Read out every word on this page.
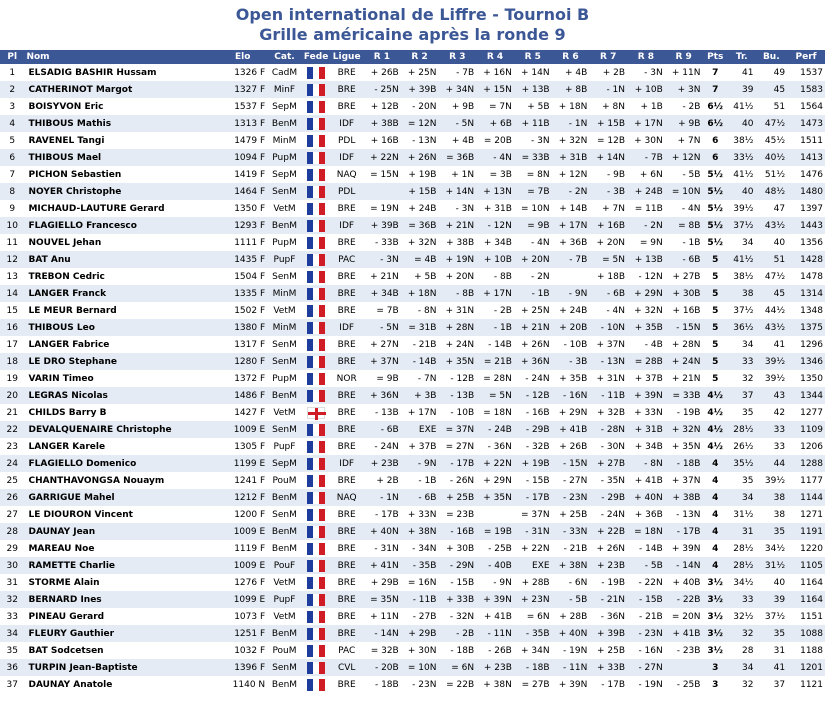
Open international de Liffre - Tournoi B

Grille américaine après la ronde 9

Pl	Nom	Elo	Cat.	Fede	Ligue	R 1	R 2	R 3	R 4	R 5	R 6	R 7	R 8	R 9	Pts	Tr.	Bu.	Perf
1	ELSADIG BASHIR Hussam	1326 F	CadM		BRE	+ 26B	+ 25N	- 7B	+ 16N	+ 14N	+ 4B	+ 2B	- 3N	+ 11N	7	41	49	1537
2	CATHERINOT Margot	1327 F	MinF		BRE	- 25N	+ 39B	+ 34N	+ 15N	+ 13B	+ 8B	- 1N	+ 10B	+ 3N	7	39	45	1583
3	BOISYVON Eric	1537 F	SepM		BRE	+ 12B	- 20N	+ 9B	= 7N	+ 5B	+ 18N	+ 8N	+ 1B	- 2B	6½	41½	51	1564
4	THIBOUS Mathis	1313 F	BenM		IDF	+ 38B	= 12N	- 5N	+ 6B	+ 11B	- 1N	+ 15B	+ 17N	+ 9B	6½	40	47½	1473
5	RAVENEL Tangi	1479 F	MinM		PDL	+ 16B	- 13N	+ 4B	= 20B	- 3N	+ 32N	= 12B	+ 30N	+ 7N	6	38½	45½	1511
6	THIBOUS Mael	1094 F	PupM		IDF	+ 22N	+ 26N	= 36B	- 4N	= 33B	+ 31B	+ 14N	- 7B	+ 12N	6	33½	40½	1413
7	PICHON Sebastien	1419 F	SepM		NAQ	= 15N	+ 19B	+ 1N	= 3B	= 8N	+ 12N	- 9B	+ 6N	- 5B	5½	41½	51½	1476
8	NOYER Christophe	1464 F	SenM		PDL		+ 15B	+ 14N	+ 13N	= 7B	- 2N	- 3B	+ 24B	= 10N	5½	40	48½	1480
9	MICHAUD-LAUTURE Gerard	1350 F	VetM		BRE	= 19N	+ 24B	- 3N	+ 31B	= 10N	+ 14B	+ 7N	= 11B	- 4N	5½	39½	47	1397
10	FLAGIELLO Francesco	1293 F	BenM		IDF	+ 39B	= 36B	+ 21N	- 12N	= 9B	+ 17N	+ 16B	- 2N	= 8B	5½	37½	43½	1443
11	NOUVEL Jehan	1111 F	PupM		BRE	- 33B	+ 32N	+ 38B	+ 34B	- 4N	+ 36B	+ 20N	= 9N	- 1B	5½	34	40	1356
12	BAT Anu	1435 F	PupF		PAC	- 3N	= 4B	+ 19N	+ 10B	+ 20N	- 7B	= 5N	+ 13B	- 6B	5	41½	51	1428
13	TREBON Cedric	1504 F	SenM		BRE	+ 21N	+ 5B	+ 20N	- 8B	- 2N		+ 18B	- 12N	+ 27B	5	38½	47½	1478
14	LANGER Franck	1335 F	MinM		BRE	+ 34B	+ 18N	- 8B	+ 17N	- 1B	- 9N	- 6B	+ 29N	+ 30B	5	38	45	1314
15	LE MEUR Bernard	1502 F	VetM		BRE	= 7B	- 8N	+ 31N	- 2B	+ 25N	+ 24B	- 4N	+ 32N	+ 16B	5	37½	44½	1348
16	THIBOUS Leo	1380 F	MinM		IDF	- 5N	= 31B	+ 28N	- 1B	+ 21N	+ 20B	- 10N	+ 35B	- 15N	5	36½	43½	1375
17	LANGER Fabrice	1317 F	SenM		BRE	+ 27N	- 21B	+ 24N	- 14B	+ 26N	- 10B	+ 37N	- 4B	+ 28N	5	34	41	1296
18	LE DRO Stephane	1280 F	SenM		BRE	+ 37N	- 14B	+ 35N	= 21B	+ 36N	- 3B	- 13N	= 28B	+ 24N	5	33	39½	1346
19	VARIN Timeo	1372 F	PupM		NOR	= 9B	- 7N	- 12B	= 28N	- 24N	+ 35B	+ 31N	+ 37B	+ 21N	5	32	39½	1350
20	LEGRAS Nicolas	1486 F	BenM		BRE	+ 36N	+ 3B	- 13B	= 5N	- 12B	- 16N	- 11B	+ 39N	= 33B	4½	37	43	1344
21	CHILDS Barry B	1427 F	VetM		BRE	- 13B	+ 17N	- 10B	= 18N	- 16B	+ 29N	+ 32B	+ 33N	- 19B	4½	35	42	1277
22	DEVALQUENAIRE Christophe	1009 E	SenM		BRE	- 6B	EXE	= 37N	- 24B	- 29B	+ 41B	- 28N	+ 31B	+ 32N	4½	28½	33	1109
23	LANGER Karele	1305 F	PupF		BRE	- 24N	+ 37B	= 27N	- 36N	- 32B	+ 26B	- 30N	+ 34B	+ 35N	4½	26½	33	1206
24	FLAGIELLO Domenico	1199 E	SepM		IDF	+ 23B	- 9N	- 17B	+ 22N	+ 19B	- 15N	+ 27B	- 8N	- 18B	4	35½	44	1288
25	CHANTHAVONGSA Nouaym	1241 F	PouM		BRE	+ 2B	- 1B	- 26N	+ 29N	- 15B	- 27N	- 35N	+ 41B	+ 37N	4	35	39½	1177
26	GARRIGUE Mahel	1212 F	BenM		NAQ	- 1N	- 6B	+ 25B	+ 35N	- 17B	- 23N	- 29B	+ 40N	+ 38B	4	34	38	1144
27	LE DIOURON Vincent	1200 F	SenM		BRE	- 17B	+ 33N	= 23B		= 37N	+ 25B	- 24N	+ 36B	- 13N	4	31½	38	1271
28	DAUNAY Jean	1009 E	BenM		BRE	+ 40N	+ 38N	- 16B	= 19B	- 31N	- 33N	+ 22B	= 18N	- 17B	4	31	35	1191
29	MAREAU Noe	1119 F	BenM		BRE	- 31N	- 34N	+ 30B	- 25B	+ 22N	- 21B	+ 26N	- 14B	+ 39N	4	28½	34½	1220
30	RAMETTE Charlie	1009 E	PouF		BRE	+ 41N	- 35B	- 29N	- 40B	EXE	+ 38N	+ 23B	- 5B	- 14N	4	28½	31½	1105
31	STORME Alain	1276 F	VetM		BRE	+ 29B	= 16N	- 15B	- 9N	+ 28B	- 6N	- 19B	- 22N	+ 40B	3½	34½	40	1164
32	BERNARD Ines	1099 E	PupF		BRE	= 35N	- 11B	+ 33B	+ 39N	+ 23N	- 5B	- 21N	- 15B	- 22B	3½	33	39	1164
33	PINEAU Gerard	1073 F	VetM		BRE	+ 11N	- 27B	- 32N	+ 41B	= 6N	+ 28B	- 36N	- 21B	= 20N	3½	32½	37½	1151
34	FLEURY Gauthier	1251 F	BenM		BRE	- 14N	+ 29B	- 2B	- 11N	- 35B	+ 40N	+ 39B	- 23N	+ 41B	3½	32	35	1088
35	BAT Sodcetsen	1032 F	PouM		PAC	= 32B	+ 30N	- 18B	- 26B	+ 34N	- 19N	+ 25B	- 16N	- 23B	3½	28	31	1188
36	TURPIN Jean-Baptiste	1396 F	SenM		CVL	- 20B	= 10N	= 6N	+ 23B	- 18B	- 11N	+ 33B	- 27N		3	34	41	1201
37	DAUNAY Anatole	1140 N	BenM		BRE	- 18B	- 23N	= 22B	+ 38N	= 27B	+ 39N	- 17B	- 19N	- 25B	3	32	37	1121
